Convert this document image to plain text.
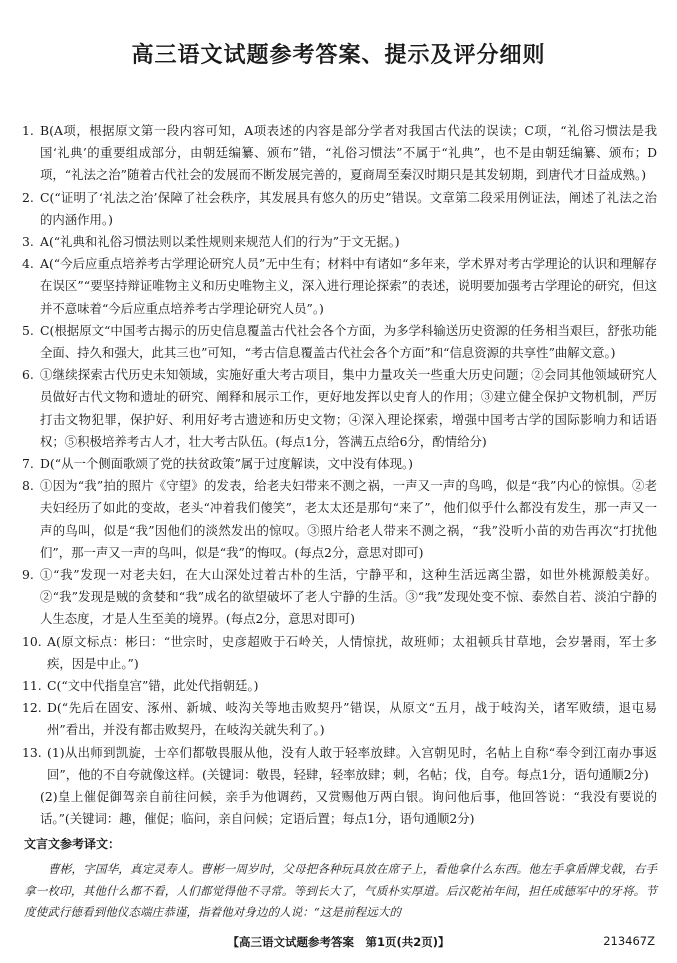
高三语文试题参考答案、提示及评分细则
1. B(A项，根据原文第一段内容可知，A项表述的内容是部分学者对我国古代法的误读；C项，“礼俗习惯法是我国‘礼典’的重要组成部分，由朝廷编纂、颁布”错，“礼俗习惯法”不属于“礼典”，也不是由朝廷编纂、颁布；D项，“礼法之治”随着古代社会的发展而不断发展完善的，夏商周至秦汉时期只是其发轫期，到唐代才日益成熟。)
2. C(“证明了‘礼法之治’保障了社会秩序，其发展具有悠久的历史”错误。文章第二段采用例证法，阐述了礼法之治的内涵作用。)
3. A(“礼典和礼俗习惯法则以柔性规则来规范人们的行为”于文无据。)
4. A(“今后应重点培养考古学理论研究人员”无中生有；材料中有诸如“多年来，学术界对考古学理论的认识和理解存在误区”“要坚持辩证唯物主义和历史唯物主义，深入进行理论探索”的表述，说明要加强考古学理论的研究，但这并不意味着“今后应重点培养考古学理论研究人员”。)
5. C(根据原文“中国考古揭示的历史信息覆盖古代社会各个方面，为多学科输送历史资源的任务相当艰巨，舒张功能全面、持久和强大，此其三也”可知，“考古信息覆盖古代社会各个方面”和“信息资源的共享性”曲解文意。)
6. ①继续探索古代历史未知领域，实施好重大考古项目，集中力量攻关一些重大历史问题；②会同其他领域研究人员做好古代文物和遗址的研究、阐释和展示工作，更好地发挥以史育人的作用；③建立健全保护文物机制，严厉打击文物犯罪，保护好、利用好考古遗迹和历史文物；④深入理论探索，增强中国考古学的国际影响力和话语权；⑤积极培养考古人才，壮大考古队伍。(每点1分，答满五点给6分，酌情给分)
7. D(“从一个侧面歌颂了党的扶贫政策”属于过度解读，文中没有体现。)
8. ①因为“我”拍的照片《守望》的发表，给老夫妇带来不测之祸，一声又一声的鸟鸣，似是“我”内心的惊惧。②老夫妇经历了如此的变故，老头“冲着我们傻笑”，老太太还是那句“来了”，他们似乎什么都没有发生，那一声又一声的鸟叫，似是“我”因他们的淡然发出的惊叹。③照片给老人带来不测之祸，“我”没听小苗的劝告再次“打扰他们”，那一声又一声的鸟叫，似是“我”的悔叹。(每点2分，意思对即可)
9. ①“我”发现一对老夫妇，在大山深处过着古朴的生活，宁静平和，这种生活远离尘嚣，如世外桃源般美好。②“我”发现是贼的贪婪和“我”成名的欲望破坏了老人宁静的生活。③“我”发现处变不惊、泰然自若、淡泊宁静的人生态度，才是人生至美的境界。(每点2分，意思对即可)
10. A(原文标点：彬曰：“世宗时，史彦超败于石岭关，人情惊扰，故班师；太祖顿兵甘草地，会岁暑雨，军士多疾，因是中止。”)
11. C(“文中代指皇宫”错，此处代指朝廷。)
12. D(“先后在固安、涿州、新城、岐沟关等地击败契丹”错误，从原文“五月，战于岐沟关，诸军败绩，退屯易州”看出，并没有都击败契丹，在岐沟关就失利了。)
13. (1)从出师到凯旋，士卒们都敬畏服从他，没有人敢于轻率放肆。入宫朝见时，名帖上自称“奉令到江南办事返回”，他的不自夸就像这样。(关键词：敬畏，轻肆，轻率放肆；刺，名帖；伐，自夸。每点1分，语句通顺2分)
(2)皇上催促御驾亲自前往问候，亲手为他调药，又赏赐他万两白银。询问他后事，他回答说：“我没有要说的话。”(关键词：趣，催促；临问，亲自问候；定语后置；每点1分，语句通顺2分)
文言文参考译文：
曹彬，字国华，真定灵寿人。曹彬一周岁时，父母把各种玩具放在席子上，看他拿什么东西。他左手拿盾牌戈戟，右手拿一枚印，其他什么都不看，人们都觉得他不寻常。等到长大了，气质朴实厚道。后汉乾祐年间，担任成德军中的牙将。节度使武行德看到他仪态端庄恭谨，指着他对身边的人说：“这是前程远大的
【高三语文试题参考答案　第1页(共2页)】	213467Z
